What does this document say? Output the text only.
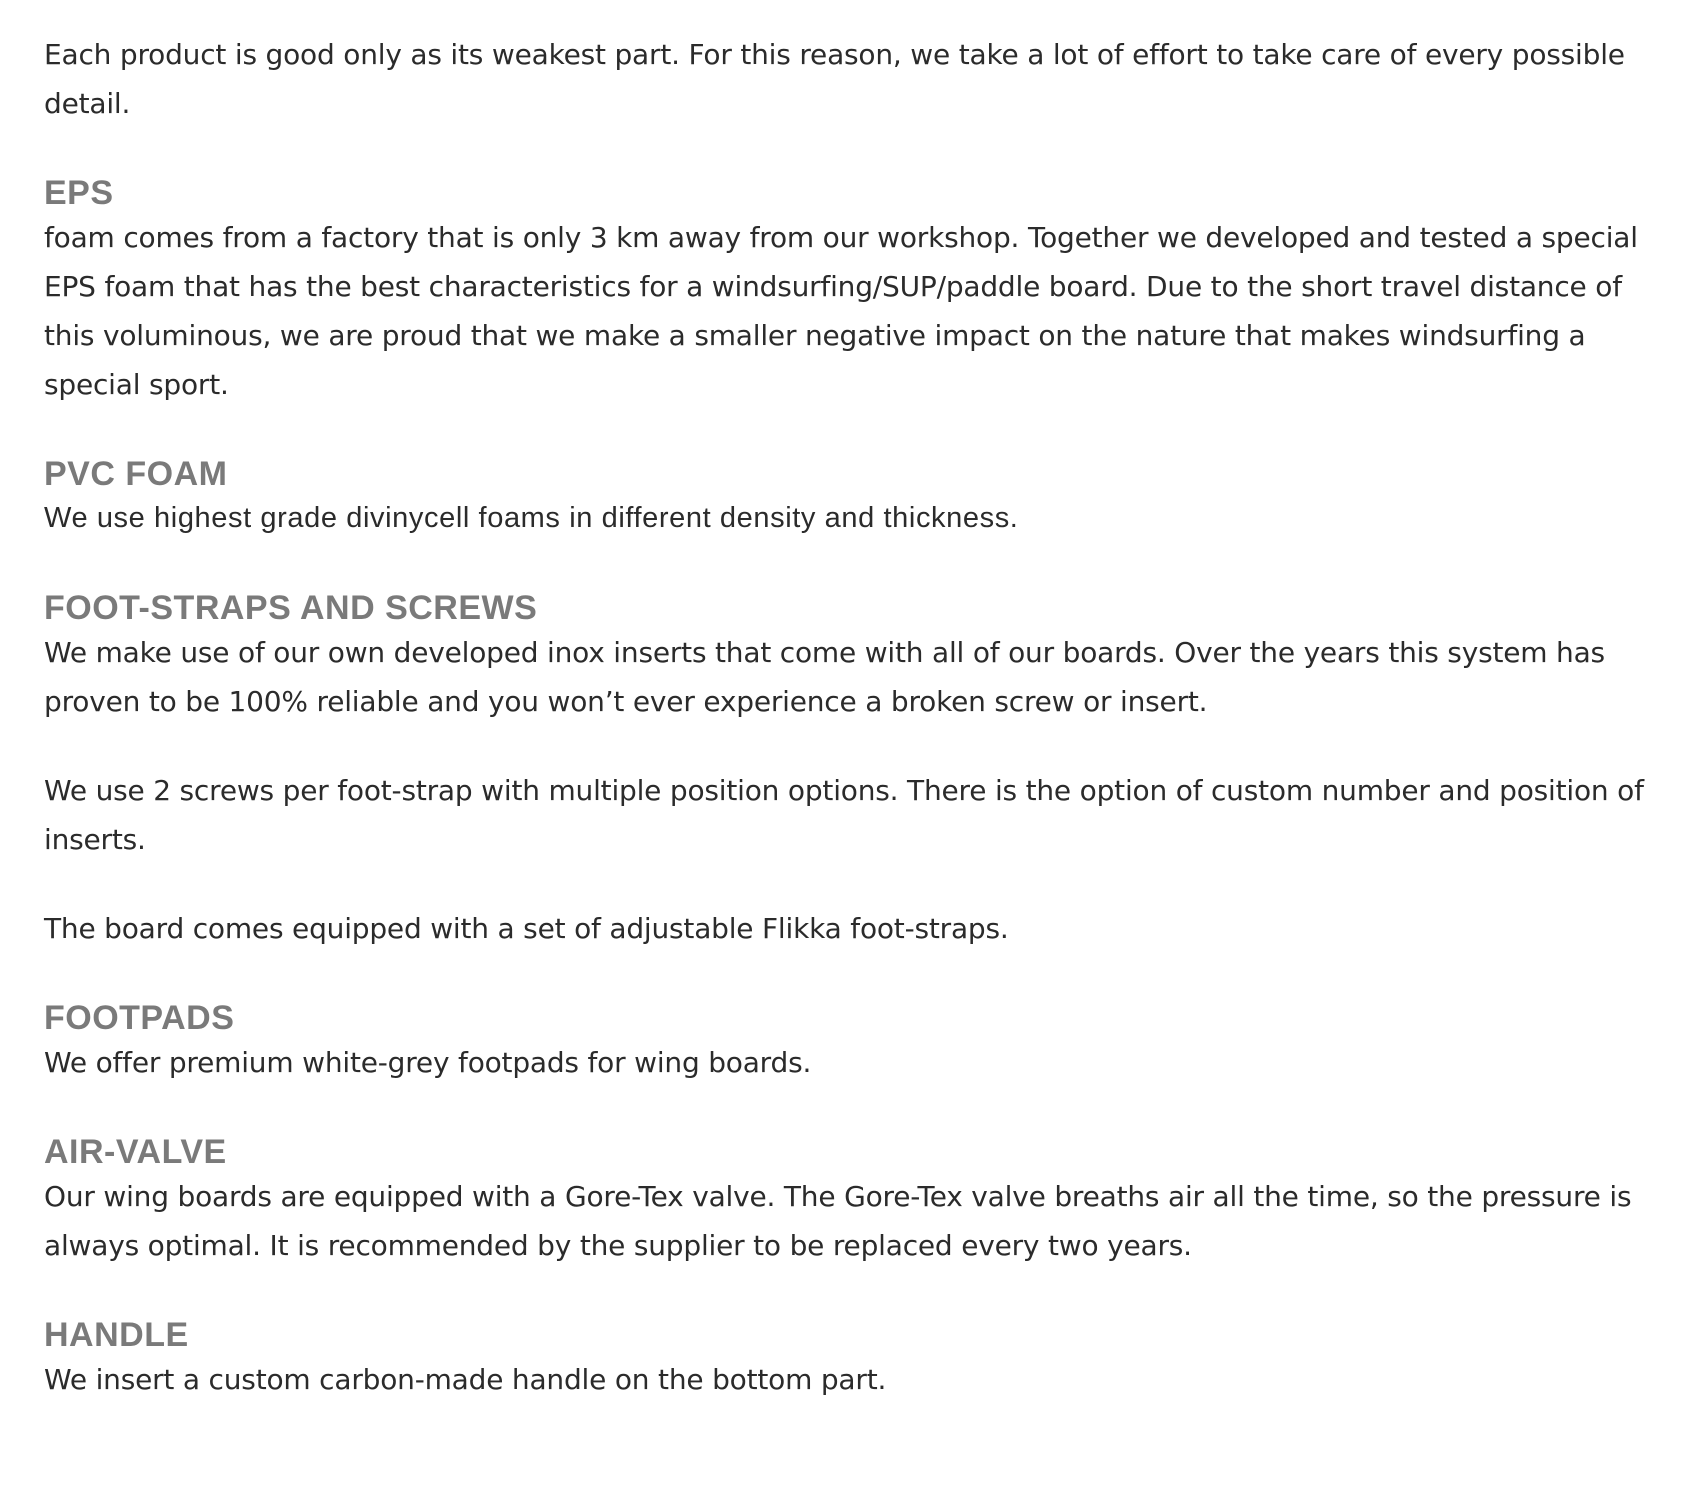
Each product is good only as its weakest part. For this reason, we take a lot of effort to take care of every possible detail.

EPS

foam comes from a factory that is only 3 km away from our workshop. Together we developed and tested a special EPS foam that has the best characteristics for a windsurfing/SUP/paddle board. Due to the short travel distance of this voluminous, we are proud that we make a smaller negative impact on the nature that makes windsurfing a special sport.

PVC FOAM

We use highest grade divinycell foams in different density and thickness.

FOOT-STRAPS AND SCREWS

We make use of our own developed inox inserts that come with all of our boards. Over the years this system has proven to be 100% reliable and you won’t ever experience a broken screw or insert.

We use 2 screws per foot-strap with multiple position options. There is the option of custom number and position of inserts.

The board comes equipped with a set of adjustable Flikka foot-straps.

FOOTPADS

We offer premium white-grey footpads for wing boards.

AIR-VALVE

Our wing boards are equipped with a Gore-Tex valve. The Gore-Tex valve breaths air all the time, so the pressure is always optimal. It is recommended by the supplier to be replaced every two years.

HANDLE

We insert a custom carbon-made handle on the bottom part.
